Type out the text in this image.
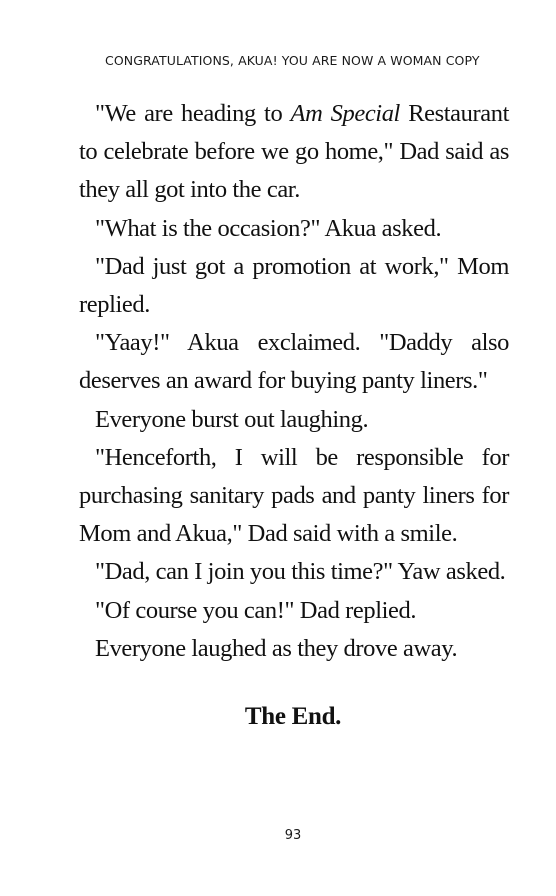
CONGRATULATIONS, AKUA! YOU ARE NOW A WOMAN COPY

"We are heading to Am Special Restaurant to celebrate before we go home," Dad said as they all got into the car.

"What is the occasion?" Akua asked.

"Dad just got a promotion at work," Mom replied.

"Yaay!" Akua exclaimed. "Daddy also deserves an award for buying panty liners."

Everyone burst out laughing.

"Henceforth, I will be responsible for purchasing sanitary pads and panty liners for Mom and Akua," Dad said with a smile.

"Dad, can I join you this time?" Yaw asked.

"Of course you can!" Dad replied.

Everyone laughed as they drove away.

The End.
93
